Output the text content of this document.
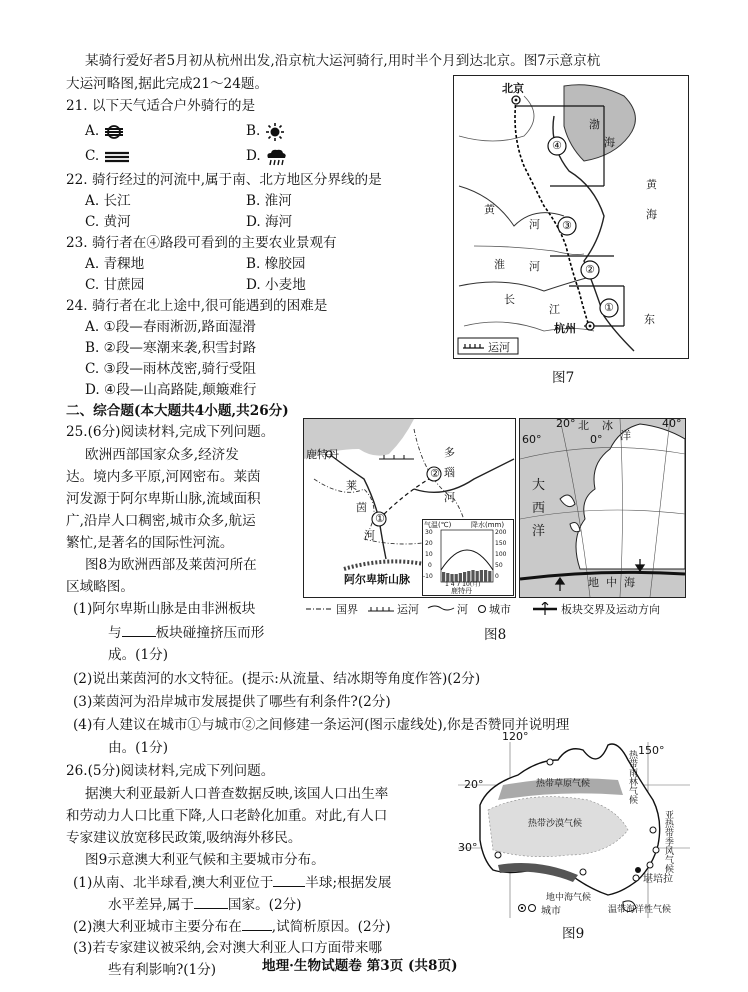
某骑行爱好者5月初从杭州出发,沿京杭大运河骑行,用时半个月到达北京。图7示意京杭
大运河略图,据此完成21～24题。
21. 以下天气适合户外骑行的是
A.	B.
C.	D.
22. 骑行经过的河流中,属于南、北方地区分界线的是
A. 长江	B. 淮河
C. 黄河	D. 海河
23. 骑行者在④路段可看到的主要农业景观有
A. 青稞地	B. 橡胶园
C. 甘蔗园	D. 小麦地
24. 骑行者在北上途中,很可能遇到的困难是
A. ①段—春雨淅沥,路面湿滑
B. ②段—寒潮来袭,积雪封路
C. ③段—雨林茂密,骑行受阻
D. ④段—山高路陡,颠簸难行
北京
渤
海
黄
海
黄
河
淮 河
长
江
东
④
③
②
①
杭州
运河
图7
二、综合题(本大题共4小题,共26分)
25.(6分)阅读材料,完成下列问题。
欧洲西部国家众多,经济发
达。境内多平原,河网密布。莱茵
河发源于阿尔卑斯山脉,流域面积
广,沿岸人口稠密,城市众多,航运
繁忙,是著名的国际性河流。
图8为欧洲西部及莱茵河所在
区域略图。
(1)阿尔卑斯山脉是由非洲板块
与	板块碰撞挤压而形
成。(1分)
(2)说出莱茵河的水文特征。(提示:从流量、结冰期等角度作答)(2分)
(3)莱茵河为沿岸城市发展提供了哪些有利条件?(2分)
(4)有人建议在城市①与城市②之间修建一条运河(图示虚线处),你是否赞同并说明理
由。(1分)
鹿特丹
①
②
莱
茵
河
多
瑙
河
阿尔卑斯山脉
气温(℃)	降水(mm)
30
20
10
0
-10
200
150
100
50
0
1 4 7 10(月)
鹿特丹
20° 北 冰
洋
40°
60°	0°
大
西
洋
地 中 海
国界	运河	河 城市	板块交界及运动方向
图8
26.(5分)阅读材料,完成下列问题。
据澳大利亚最新人口普查数据反映,该国人口出生率
和劳动力人口比重下降,人口老龄化加重。对此,有人口
专家建议放宽移民政策,吸纳海外移民。
图9示意澳大利亚气候和主要城市分布。
(1)从南、北半球看,澳大利亚位于 半球;根据发展
水平差异,属于	国家。(2分)
(2)澳大利亚城市主要分布在 ,试简析原因。(2分)
(3)若专家建议被采纳,会对澳大利亚人口方面带来哪
120°
150°
20°
30°
热带草原气候
热带沙漠气候
地中海气候
温带海洋性气候
亚热带季风气候
热带雨林气候
城市
堪培拉
图9
些有利影响?(1分)	地理·生物试题卷 第3页 (共8页)
